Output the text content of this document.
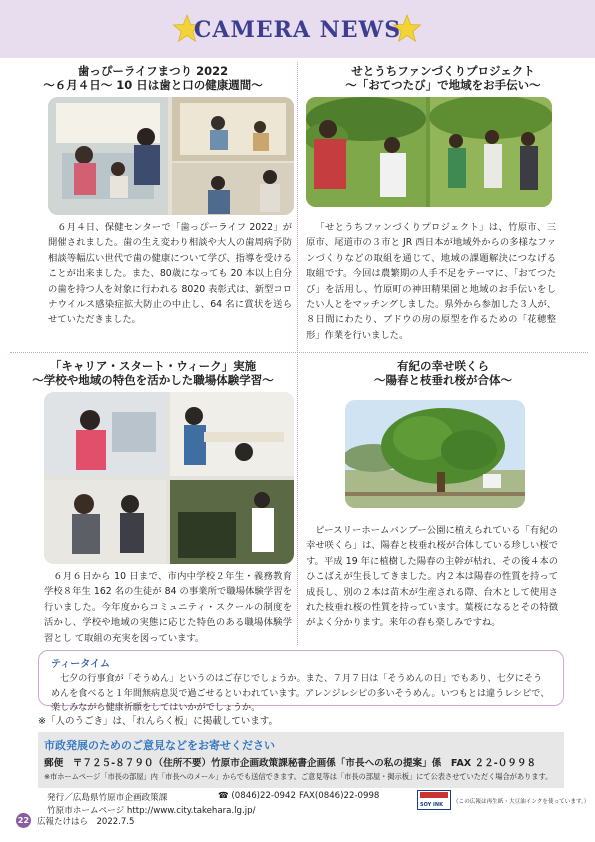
CAMERA NEWS
歯っぴーライフまつり 2022
～６月４日～ 10 日は歯と口の健康週間～

６月４日、保健センターで「歯っぴーライフ 2022」が開催されました。歯の生え変わり相談や大人の歯周病予防相談等幅広い世代で歯の健康について学び、指導を受けることが出来ました。また、80歳になっても 20 本以上自分の歯を持つ人を対象に行われる 8020 表彰式は、新型コロナウイルス感染症拡大防止の中止し、64 名に賞状を送らせていただきました。

せとうちファンづくりプロジェクト
～「おてつたび」で地域をお手伝い～

「せとうちファンづくりプロジェクト」は、竹原市、三原市、尾道市の３市と JR 西日本が地域外からの多様なファンづくりなどの取組を通じて、地域の課題解決につなげる取組です。今回は農繁期の人手不足をテーマに、「おてつたび」を活用し、竹原町の神田精果園と地域のお手伝いをしたい人とをマッチングしました。県外から参加した３人が、８日間にわたり、ブドウの房の原型を作るための「花穂整形」作業を行いました。

「キャリア・スタート・ウィーク」実施
～学校や地域の特色を活かした職場体験学習～

６月６日から 10 日まで、市内中学校２年生・義務教育学校８年生 162 名の生徒が 84 の事業所で職場体験学習を行いました。今年度からコミュニティ・スクールの制度を活かし、学校や地域の実態に応じた特色のある職場体験学習とし て取組の充実を図っています。

有紀の幸せ咲くら
～陽春と枝垂れ桜が合体～

ピースリーホームバンブー公園に植えられている「有紀の幸せ咲くら」は、陽春と枝垂れ桜が合体している珍しい桜です。平成 19 年に植樹した陽春の主幹が枯れ、その後４本のひこばえが生長してきました。内２本は陽春の性質を持って成長し、別の２本は苗木が生産される際、台木として使用された枝垂れ桜の性質を持っています。葉桜になるとその特徴がよく分かります。来年の春も楽しみですね。

ティータイム
七夕の行事食が「そうめん」というのはご存じでしょうか。また、７月７日は「そうめんの日」でもあり、七夕にそうめんを食べると１年間無病息災で過ごせるといわれています。アレンジレシピの多いそうめん。いつもとは違うレシピで、楽しみながら健康祈願をしてはいかがでしょうか。
※「人のうごき」は、「れんらく板」に掲載しています。
市政発展のためのご意見などをお寄せください
郵便　〒７２５-８７９０（住所不要）竹原市企画政策課秘書企画係「市長への私の提案」係　FAX ２２-０９９８
※市ホームページ「市長の部屋」内「市長へのメール」からでも送信できます。ご意見等は「市長の部屋・掲示板」にて公表させていただく場合があります。
発行／広島県竹原市企画政策課	☎ (0846)22-0942 FAX(0846)22-0998
竹原市ホームページ http://www.city.takehara.lg.jp/
SOY INK （この広報は再生紙・大豆油インクを使っています。）
22 広報たけはら　2022.7.5
